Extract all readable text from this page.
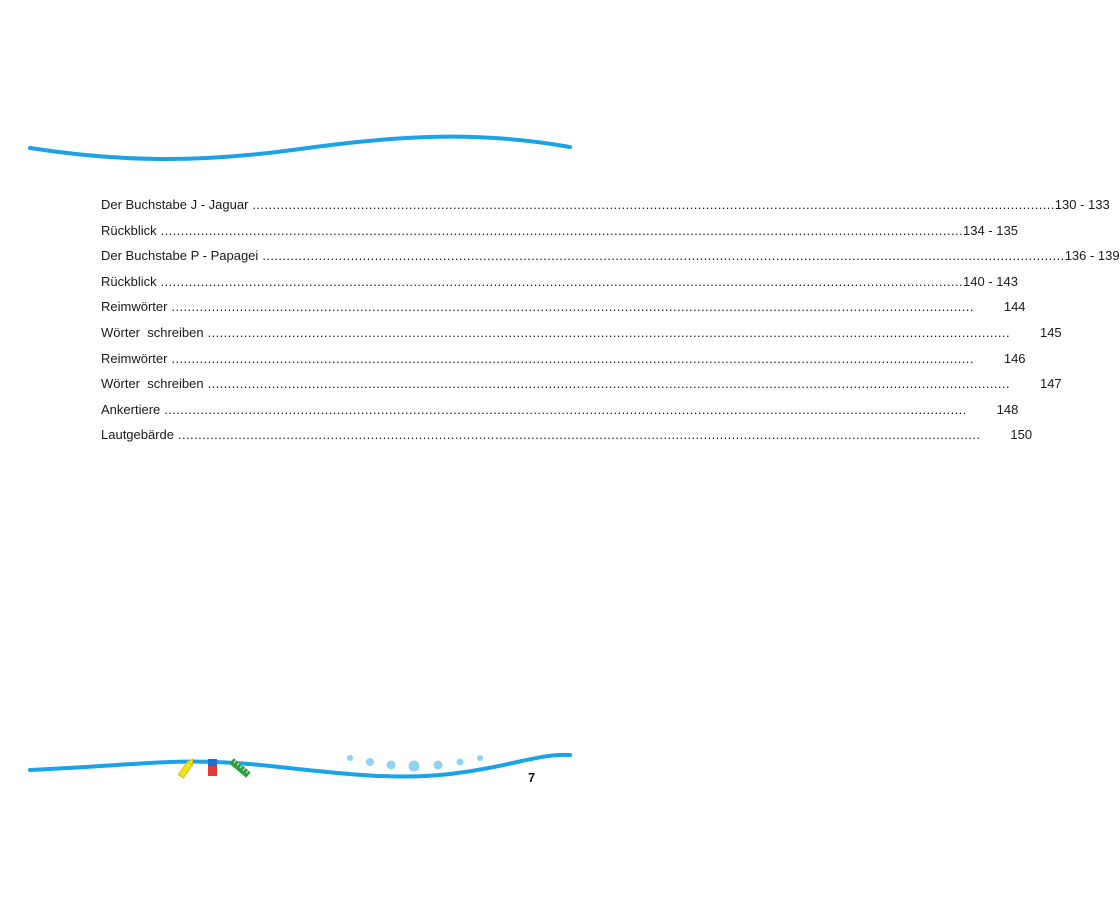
Der Buchstabe J - Jaguar ........................................................................................................................................................................................................ 130 - 133
Rückblick ........................................................................................................................................................................................................ 134 - 135
Der Buchstabe P - Papagei ........................................................................................................................................................................................................ 136 - 139
Rückblick ........................................................................................................................................................................................................ 140 - 143
Reimwörter ........................................................................................................................................................................................................ 144
Wörter  schreiben ........................................................................................................................................................................................................ 145
Reimwörter ........................................................................................................................................................................................................ 146
Wörter  schreiben ........................................................................................................................................................................................................ 147
Ankertiere ........................................................................................................................................................................................................ 148
Lautgebärde ........................................................................................................................................................................................................ 150
7
